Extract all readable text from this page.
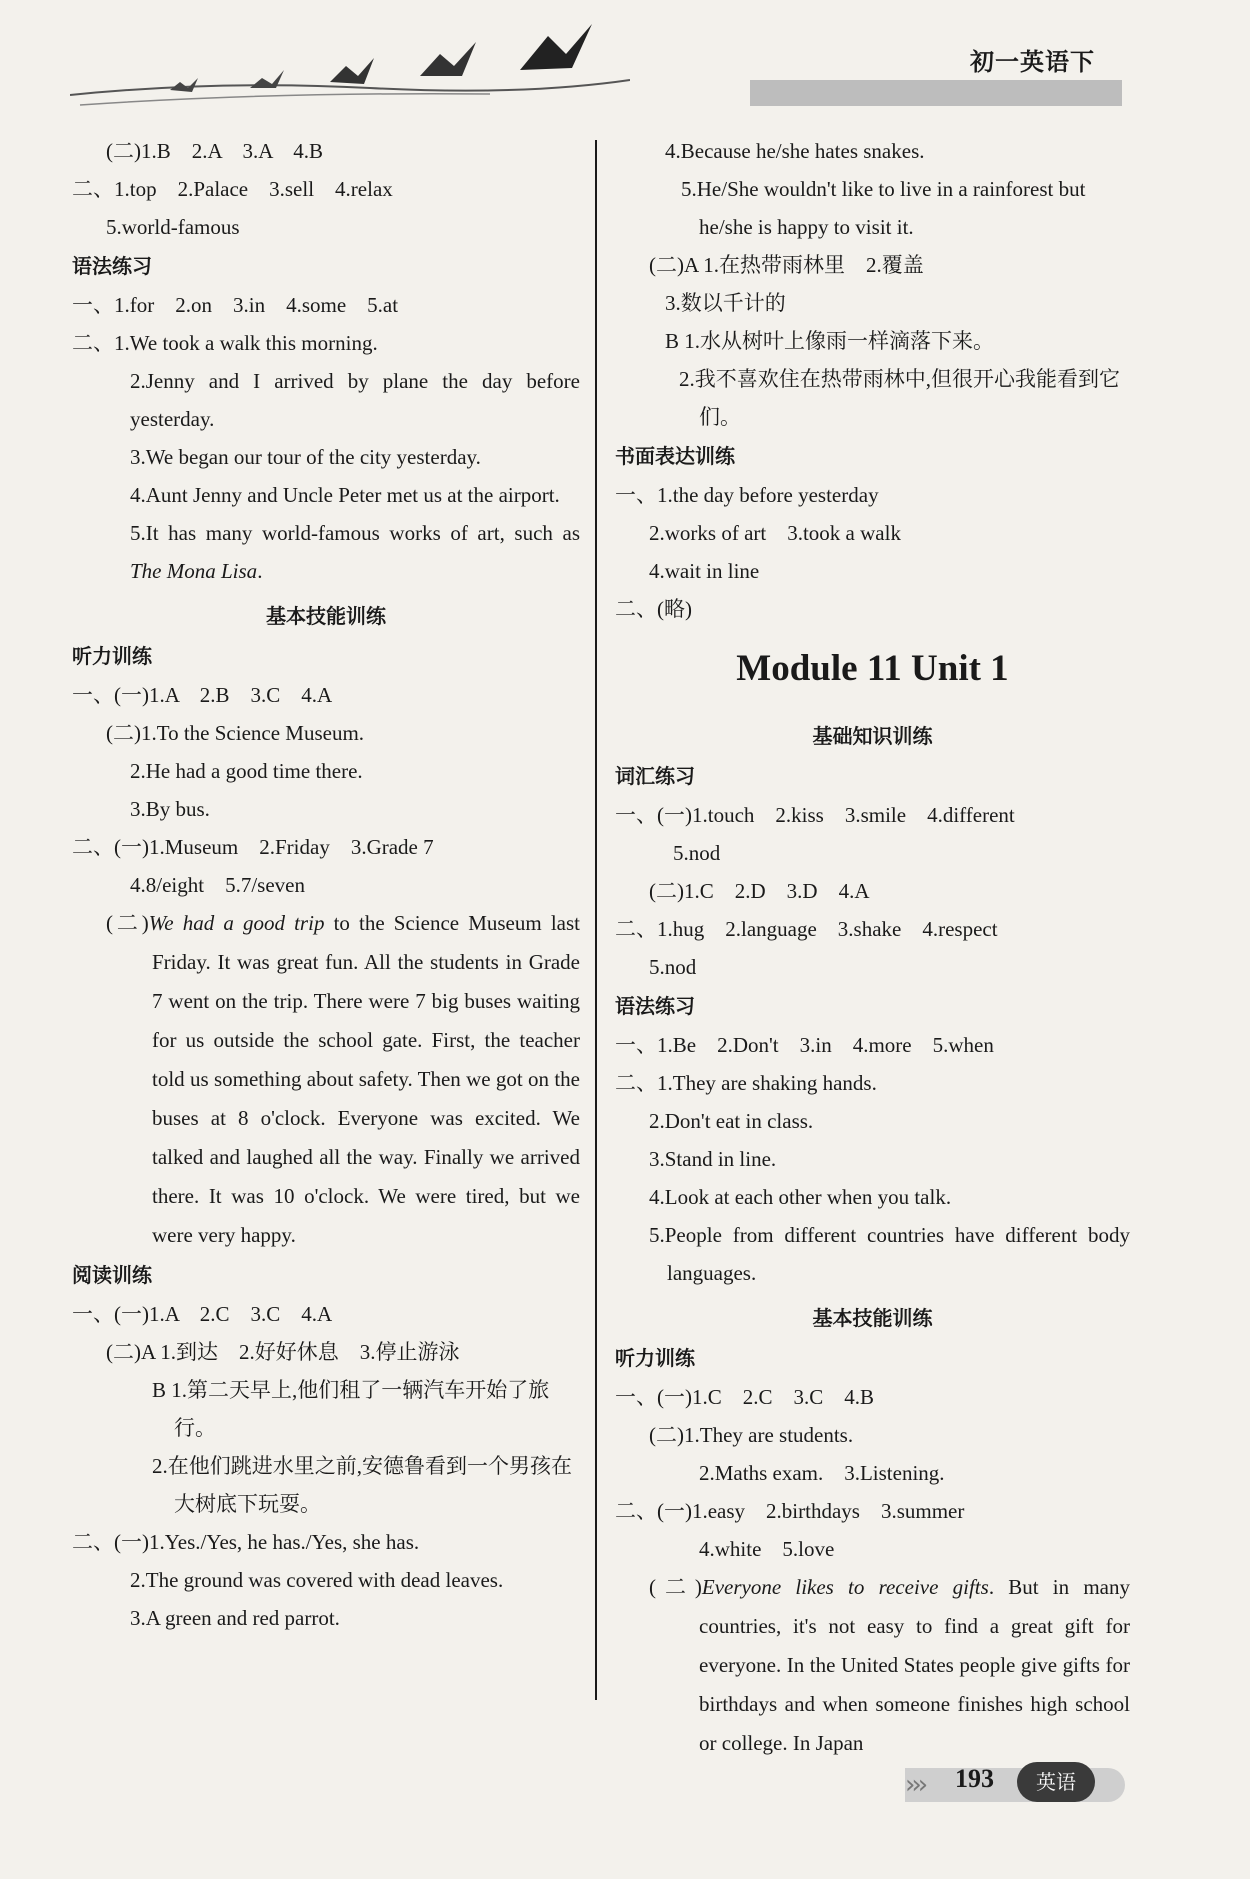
初一英语下
(二)1.B　2.A　3.A　4.B
二、1.top　2.Palace　3.sell　4.relax
5.world-famous
语法练习
一、1.for　2.on　3.in　4.some　5.at
二、1.We took a walk this morning.
2.Jenny and I arrived by plane the day before yesterday.
3.We began our tour of the city yesterday.
4.Aunt Jenny and Uncle Peter met us at the airport.
5.It has many world-famous works of art, such as The Mona Lisa.
基本技能训练
听力训练
一、(一)1.A　2.B　3.C　4.A
(二)1.To the Science Museum.
2.He had a good time there.
3.By bus.
二、(一)1.Museum　2.Friday　3.Grade 7
4.8/eight　5.7/seven
(二)We had a good trip to the Science Museum last Friday. It was great fun. All the students in Grade 7 went on the trip. There were 7 big buses waiting for us outside the school gate. First, the teacher told us something about safety. Then we got on the buses at 8 o'clock. Everyone was excited. We talked and laughed all the way. Finally we arrived there. It was 10 o'clock. We were tired, but we were very happy.
阅读训练
一、(一)1.A　2.C　3.C　4.A
(二)A 1.到达　2.好好休息　3.停止游泳
B 1.第二天早上,他们租了一辆汽车开始了旅行。
2.在他们跳进水里之前,安德鲁看到一个男孩在大树底下玩耍。
二、(一)1.Yes./Yes, he has./Yes, she has.
2.The ground was covered with dead leaves.
3.A green and red parrot.
4.Because he/she hates snakes.
5.He/She wouldn't like to live in a rainforest but he/she is happy to visit it.
(二)A 1.在热带雨林里　2.覆盖
3.数以千计的
B 1.水从树叶上像雨一样滴落下来。
2.我不喜欢住在热带雨林中,但很开心我能看到它们。
书面表达训练
一、1.the day before yesterday
2.works of art　3.took a walk
4.wait in line
二、(略)
Module 11 Unit 1
基础知识训练
词汇练习
一、(一)1.touch　2.kiss　3.smile　4.different
5.nod
(二)1.C　2.D　3.D　4.A
二、1.hug　2.language　3.shake　4.respect
5.nod
语法练习
一、1.Be　2.Don't　3.in　4.more　5.when
二、1.They are shaking hands.
2.Don't eat in class.
3.Stand in line.
4.Look at each other when you talk.
5.People from different countries have different body languages.
基本技能训练
听力训练
一、(一)1.C　2.C　3.C　4.B
(二)1.They are students.
2.Maths exam.　3.Listening.
二、(一)1.easy　2.birthdays　3.summer
4.white　5.love
(二)Everyone likes to receive gifts. But in many countries, it's not easy to find a great gift for everyone. In the United States people give gifts for birthdays and when someone finishes high school or college. In Japan
››› 193	英语
